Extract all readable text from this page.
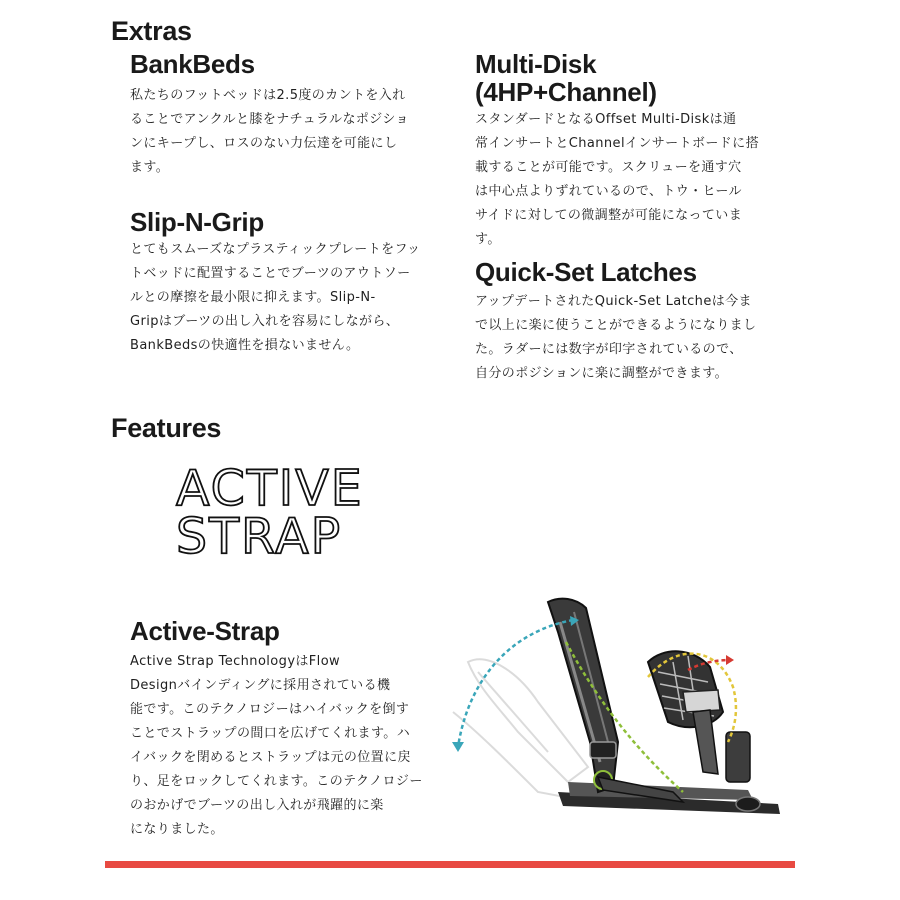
Extras
BankBeds
私たちのフットベッドは2.5度のカントを入れ
ることでアンクルと膝をナチュラルなポジショ
ンにキープし、ロスのない力伝達を可能にし
ます。
Slip-N-Grip
とてもスムーズなプラスティックプレートをフッ
トベッドに配置することでブーツのアウトソー
ルとの摩擦を最小限に抑えます。Slip-N-
Gripはブーツの出し入れを容易にしながら、
BankBedsの快適性を損ないません。
Multi-Disk
(4HP+Channel)
スタンダードとなるOffset Multi-Diskは通
常インサートとChannelインサートボードに搭
載することが可能です。スクリューを通す穴
は中心点よりずれているので、トウ・ヒール
サイドに対しての微調整が可能になっていま
す。
Quick-Set Latches
アップデートされたQuick-Set Latcheは今ま
で以上に楽に使うことができるようになりまし
た。ラダーには数字が印字されているので、
自分のポジションに楽に調整ができます。
Features
ACTIVE
STRAP
Active-Strap
Active Strap TechnologyはFlow
Designバインディングに採用されている機
能です。このテクノロジーはハイバックを倒す
ことでストラップの間口を広げてくれます。ハ
イバックを閉めるとストラップは元の位置に戻
り、足をロックしてくれます。このテクノロジー
のおかげでブーツの出し入れが飛躍的に楽
になりました。
